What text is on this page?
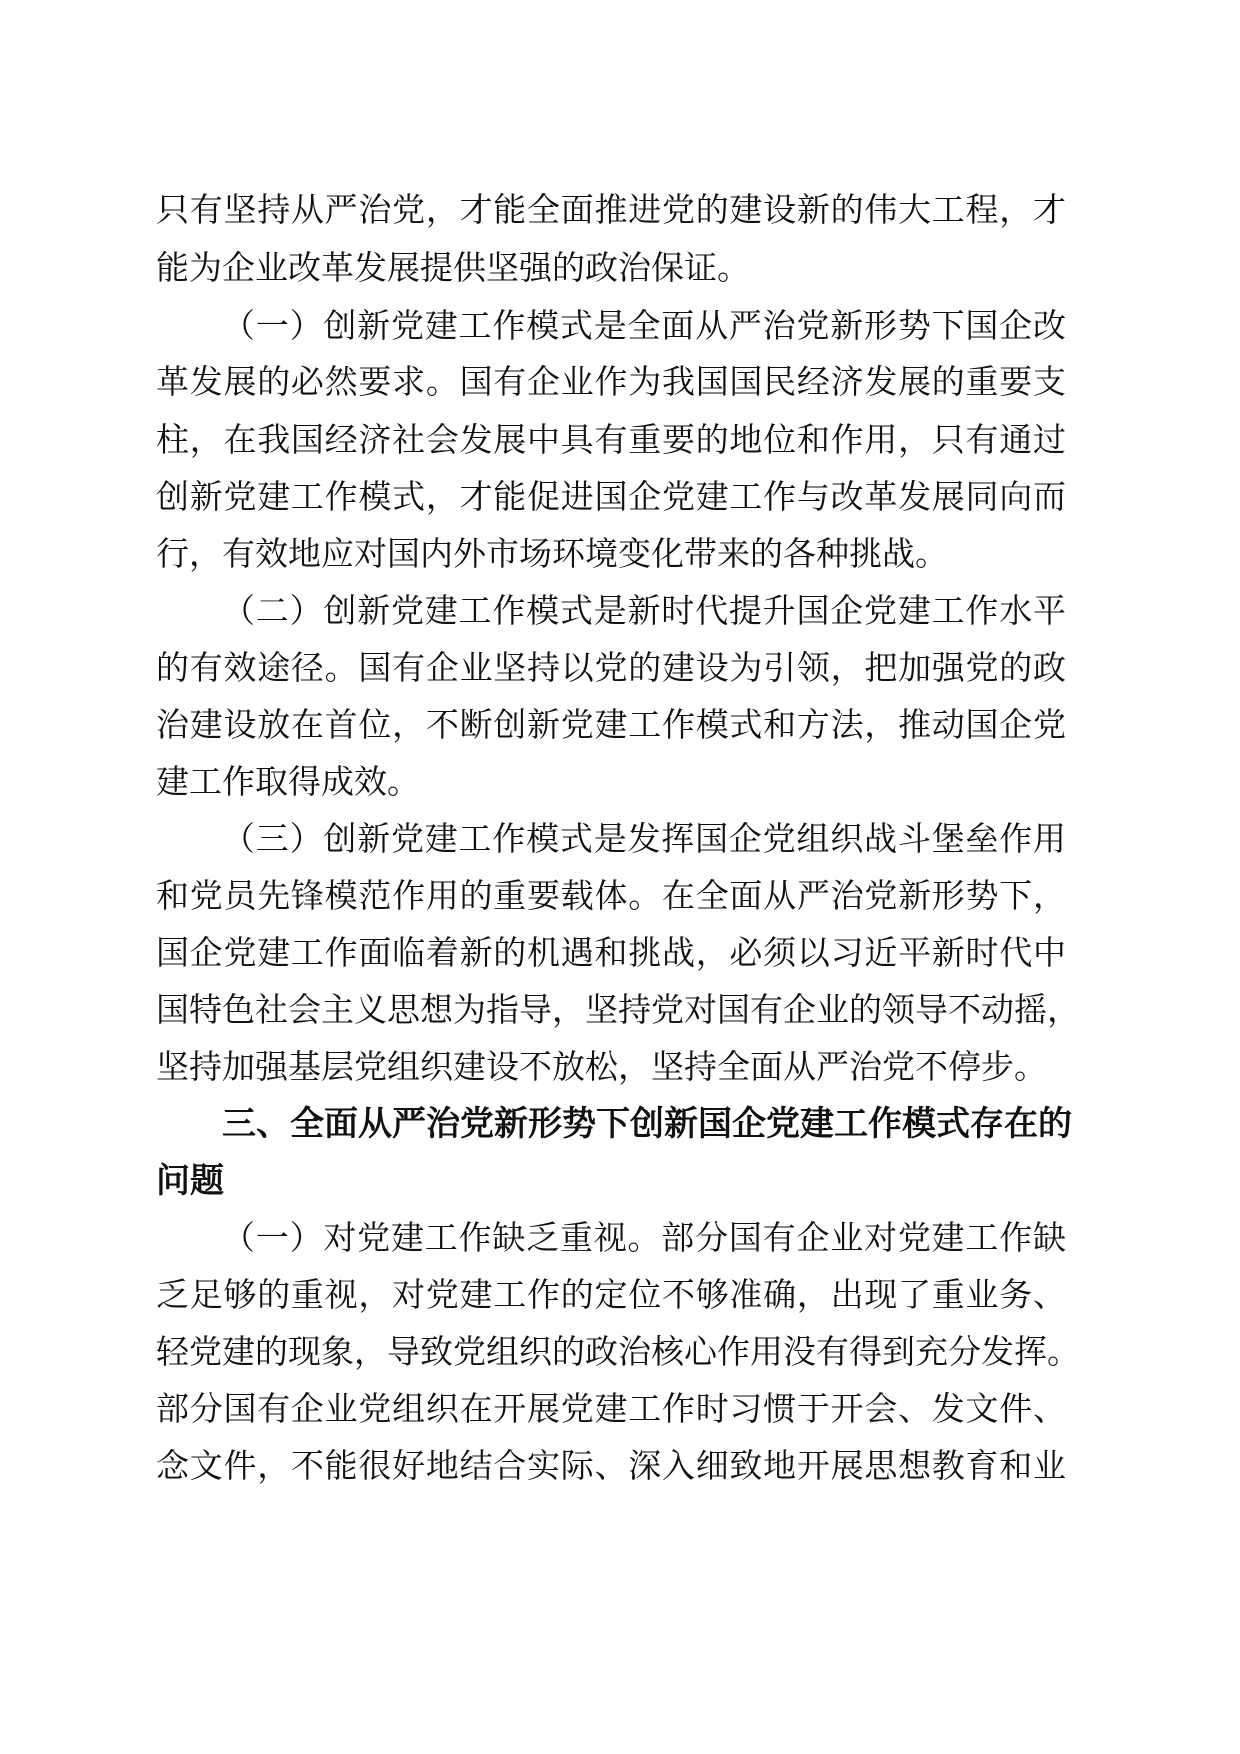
只有坚持从严治党，才能全面推进党的建设新的伟大工程，才
能为企业改革发展提供坚强的政治保证。
（一）创新党建工作模式是全面从严治党新形势下国企改
革发展的必然要求。国有企业作为我国国民经济发展的重要支
柱，在我国经济社会发展中具有重要的地位和作用，只有通过
创新党建工作模式，才能促进国企党建工作与改革发展同向而
行，有效地应对国内外市场环境变化带来的各种挑战。
（二）创新党建工作模式是新时代提升国企党建工作水平
的有效途径。国有企业坚持以党的建设为引领，把加强党的政
治建设放在首位，不断创新党建工作模式和方法，推动国企党
建工作取得成效。
（三）创新党建工作模式是发挥国企党组织战斗堡垒作用
和党员先锋模范作用的重要载体。在全面从严治党新形势下，
国企党建工作面临着新的机遇和挑战，必须以习近平新时代中
国特色社会主义思想为指导，坚持党对国有企业的领导不动摇，
坚持加强基层党组织建设不放松，坚持全面从严治党不停步。
三、全面从严治党新形势下创新国企党建工作模式存在的
问题
（一）对党建工作缺乏重视。部分国有企业对党建工作缺
乏足够的重视，对党建工作的定位不够准确，出现了重业务、
轻党建的现象，导致党组织的政治核心作用没有得到充分发挥。
部分国有企业党组织在开展党建工作时习惯于开会、发文件、
念文件，不能很好地结合实际、深入细致地开展思想教育和业
